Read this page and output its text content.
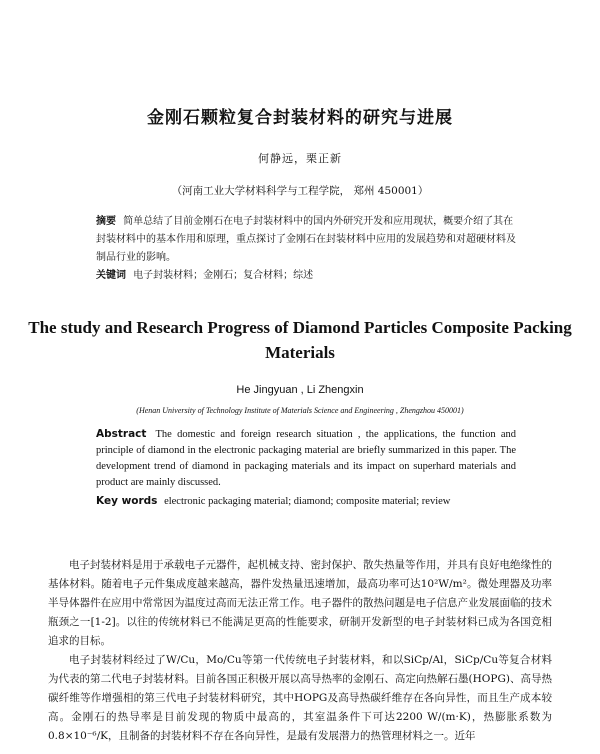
金刚石颗粒复合封装材料的研究与进展
何静远，栗正新
（河南工业大学材料科学与工程学院， 郑州 450001）
摘要 简单总结了目前金刚石在电子封装材料中的国内外研究开发和应用现状，概要介绍了其在封装材料中的基本作用和原理，重点探讨了金刚石在封装材料中应用的发展趋势和对超硬材料及制品行业的影响。
关键词 电子封装材料；金刚石；复合材料；综述
The study and Research Progress of Diamond Particles Composite Packing Materials
He Jingyuan , Li Zhengxin
(Henan University of Technology Institute of Materials Science and Engineering , Zhengzhou 450001)
Abstract The domestic and foreign research situation , the applications, the function and principle of diamond in the electronic packaging material are briefly summarized in this paper. The development trend of diamond in packaging materials and its impact on superhard materials and product are mainly discussed.
Key words electronic packaging material; diamond; composite material; review

电子封装材料是用于承载电子元器件，起机械支持、密封保护、散失热量等作用，并具有良好电绝缘性的基体材料。随着电子元件集成度越来越高，器件发热量迅速增加，最高功率可达10²W/m²。微处理器及功率半导体器件在应用中常常因为温度过高而无法正常工作。电子器件的散热问题是电子信息产业发展面临的技术瓶颈之一[1-2]。以往的传统材料已不能满足更高的性能要求，研制开发新型的电子封装材料已成为各国竞相追求的目标。

电子封装材料经过了W/Cu，Mo/Cu等第一代传统电子封装材料，和以SiCp/Al，SiCp/Cu等复合材料为代表的第二代电子封装材料。目前各国正积极开展以高导热率的金刚石、高定向热解石墨(HOPG)、高导热碳纤维等作增强相的第三代电子封装材料研究，其中HOPG及高导热碳纤维存在各向异性，而且生产成本较高。金刚石的热导率是目前发现的物质中最高的，其室温条件下可达2200 W/(m·K)，热膨胀系数为0.8×10⁻⁶/K，且制备的封装材料不存在各向异性，是最有发展潜力的热管理材料之一。近年
